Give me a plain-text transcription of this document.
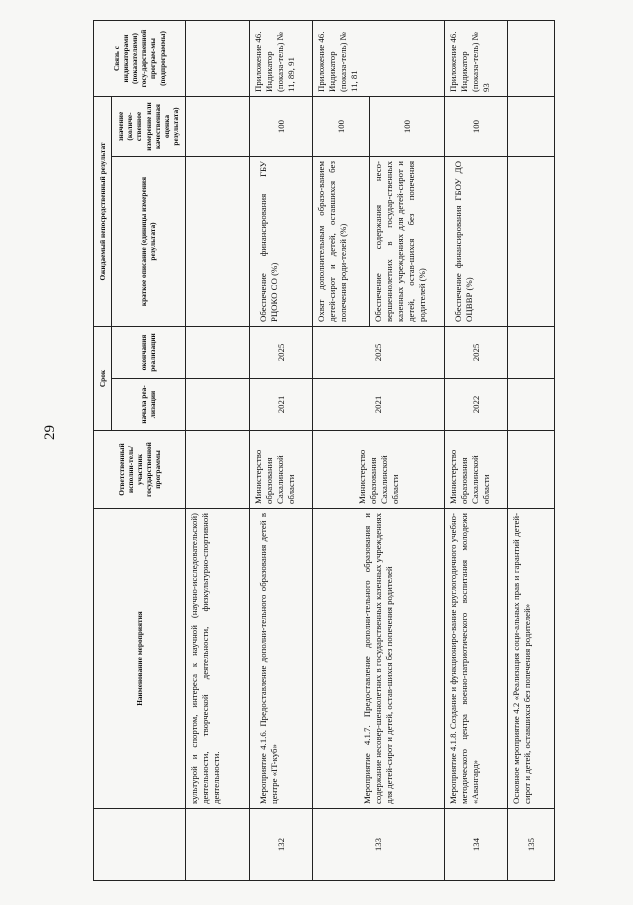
29
	Наименование мероприятия	Ответственный исполни-тель/участник государственной программы	Срок		Ожидаемый непосредственный результат		Связь с индикаторами (показателями) госу-дарственной програм-мы (подпрограммы)
			начала реа-лизации	окончания реализации	краткое описание (единицы измерения результата)	значение (количе-ственное измерение или качественная оценка результата)	
	культурой и спортом, интереса к научной (научно-исследовательской) деятельности, творческой деятельности, физкультурно-спортивной деятельности.						
132	Мероприятие 4.1.6. Предоставление дополни-тельного образования детей в центре «IT-куб»	Министерство образования Сахалинской области	2021	2025	Обеспечение финансирования ГБУ РЦОКО СО (%)	100	Приложение 46. Индикатор (показа-тель) № 11, 89, 91
133	Мероприятие 4.1.7. Предоставление дополни-тельного образования и содержание несовер-шеннолетних в государственных казенных учреждениях для детей-сирот и детей, остав-шихся без попечения родителей	Министерство образования Сахалинской области	2021	2025	Охват дополнительным образо-ванием детей-сирот и детей, оставшихся без попечения роди-телей (%)	100	Приложение 46. Индикатор (показа-тель) № 11, 81
					Обеспечение содержания несо-вершеннолетних в государ-ственных казенных учреждениях для детей-сирот и детей, остав-шихся без попечения родителей (%)	100	
134	Мероприятие 4.1.8. Создание и функциониро-вание круглогодичного учебно-методического центра военно-патриотического воспитания молодежи «Авангард»	Министерство образования Сахалинской области	2022	2025	Обеспечение финансирования ГБОУ ДО ОЦВВР (%)	100	Приложение 46. Индикатор (показа-тель) № 93
135	Основное мероприятие 4.2 «Реализация соци-альных прав и гарантий детей-сирот и детей, оставшихся без попечения родителей»						
